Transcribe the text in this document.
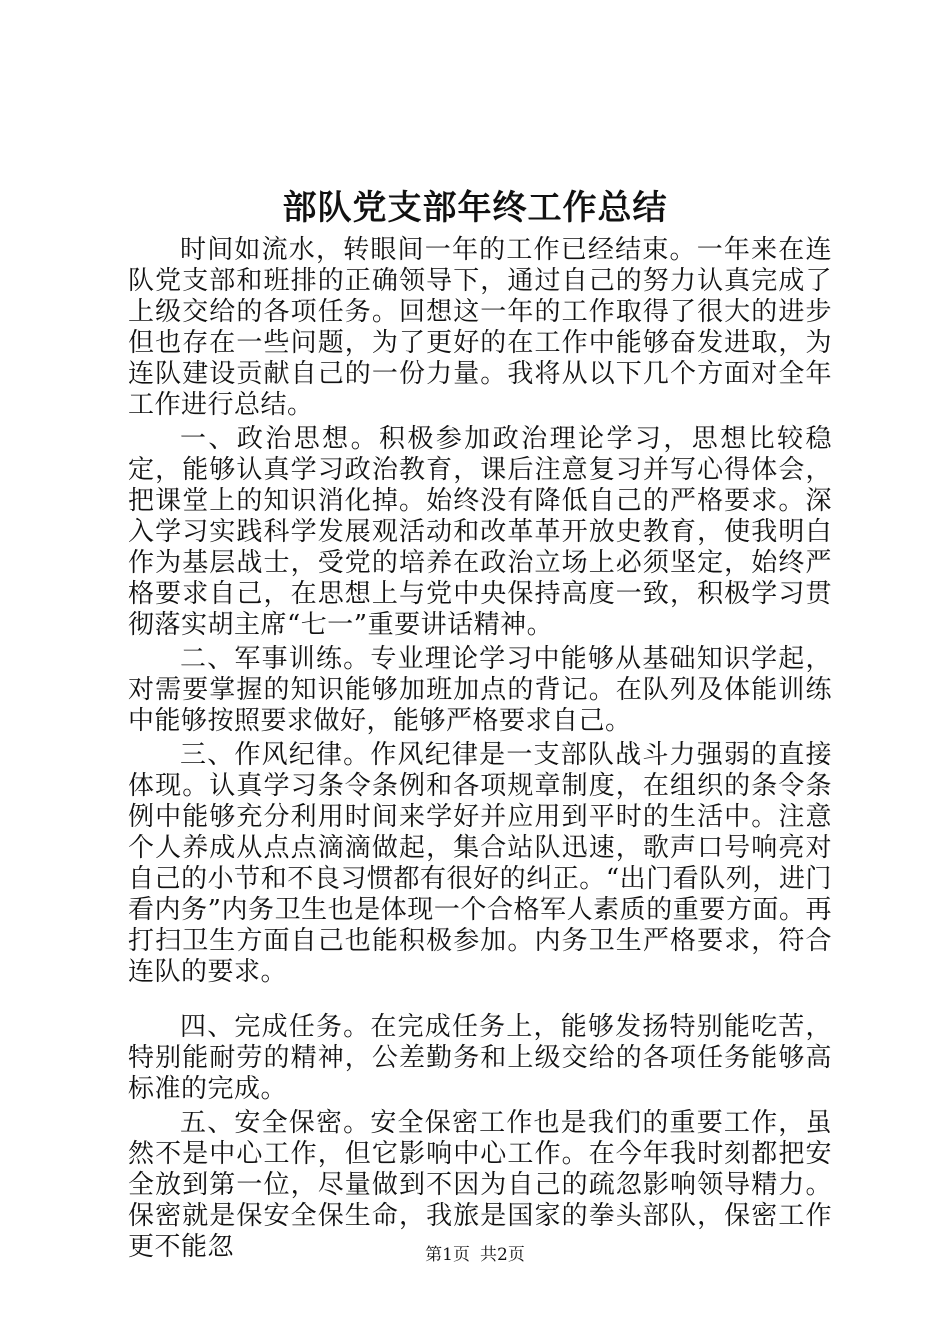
部队党支部年终工作总结

时间如流水，转眼间一年的工作已经结束。一年来在连队党支部和班排的正确领导下，通过自己的努力认真完成了上级交给的各项任务。回想这一年的工作取得了很大的进步但也存在一些问题，为了更好的在工作中能够奋发进取，为连队建设贡献自己的一份力量。我将从以下几个方面对全年工作进行总结。

一、政治思想。积极参加政治理论学习，思想比较稳定，能够认真学习政治教育，课后注意复习并写心得体会，把课堂上的知识消化掉。始终没有降低自己的严格要求。深入学习实践科学发展观活动和改革革开放史教育，使我明白作为基层战士，受党的培养在政治立场上必须坚定，始终严格要求自己，在思想上与党中央保持高度一致，积极学习贯彻落实胡主席“七一”重要讲话精神。

二、军事训练。专业理论学习中能够从基础知识学起，对需要掌握的知识能够加班加点的背记。在队列及体能训练中能够按照要求做好，能够严格要求自己。

三、作风纪律。作风纪律是一支部队战斗力强弱的直接体现。认真学习条令条例和各项规章制度，在组织的条令条例中能够充分利用时间来学好并应用到平时的生活中。注意个人养成从点点滴滴做起，集合站队迅速，歌声口号响亮对自己的小节和不良习惯都有很好的纠正。“出门看队列，进门看内务”内务卫生也是体现一个合格军人素质的重要方面。再打扫卫生方面自己也能积极参加。内务卫生严格要求，符合连队的要求。

四、完成任务。在完成任务上，能够发扬特别能吃苦，特别能耐劳的精神，公差勤务和上级交给的各项任务能够高标准的完成。

五、安全保密。安全保密工作也是我们的重要工作，虽然不是中心工作，但它影响中心工作。在今年我时刻都把安全放到第一位，尽量做到不因为自己的疏忽影响领导精力。保密就是保安全保生命，我旅是国家的拳头部队，保密工作更不能忽	第1页 共2页
